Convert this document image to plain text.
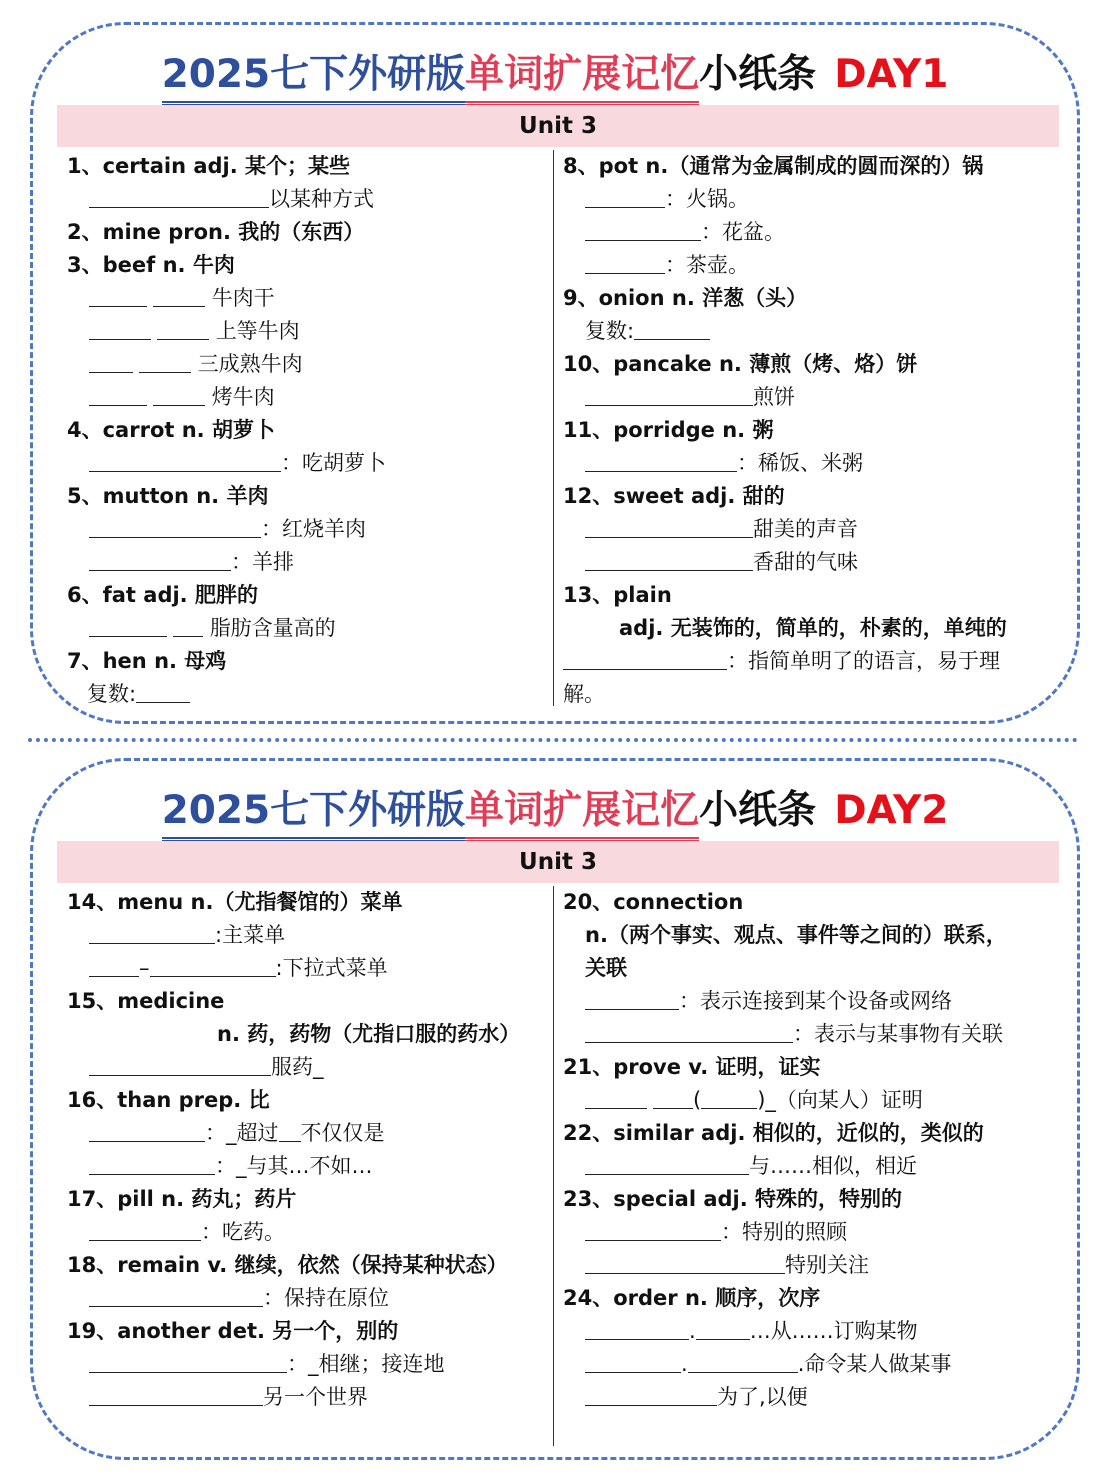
2025七下外研版单词扩展记忆小纸条 DAY1
Unit 3
1、certain adj. 某个；某些
以某种方式
2、mine pron. 我的（东西）
3、beef n. 牛肉
牛肉干
上等牛肉
三成熟牛肉
烤牛肉
4、carrot n. 胡萝卜
：吃胡萝卜
5、mutton n. 羊肉
：红烧羊肉
：羊排
6、fat adj. 肥胖的
脂肪含量高的
7、hen n. 母鸡
复数:
8、pot n.（通常为金属制成的圆而深的）锅
：火锅。
：花盆。
：茶壶。
9、onion n. 洋葱（头）
复数:
10、pancake n. 薄煎（烤、烙）饼
煎饼
11、porridge n. 粥
：稀饭、米粥
12、sweet adj. 甜的
甜美的声音
香甜的气味
13、plain
adj. 无装饰的，简单的，朴素的，单纯的
：指简单明了的语言，易于理
解。
2025七下外研版单词扩展记忆小纸条 DAY2
Unit 3
14、menu n.（尤指餐馆的）菜单
:主菜单
–	:下拉式菜单
15、medicine
n. 药，药物（尤指口服的药水）
服药_
16、than prep. 比
：_超过 不仅仅是
：_与其…不如…
17、pill n. 药丸；药片
：吃药。
18、remain v. 继续，依然（保持某种状态）
：保持在原位
19、another det. 另一个，别的
：_相继；接连地
另一个世界
20、connection
n.（两个事实、观点、事件等之间的）联系，
关联
：表示连接到某个设备或网络
：表示与某事物有关联
21、prove v. 证明，证实
(	)_（向某人）证明
22、similar adj. 相似的，近似的，类似的
与……相似，相近
23、special adj. 特殊的，特别的
：特别的照顾
特别关注
24、order n. 顺序，次序
.	…从……订购某物
.	.命令某人做某事
为了,以便
